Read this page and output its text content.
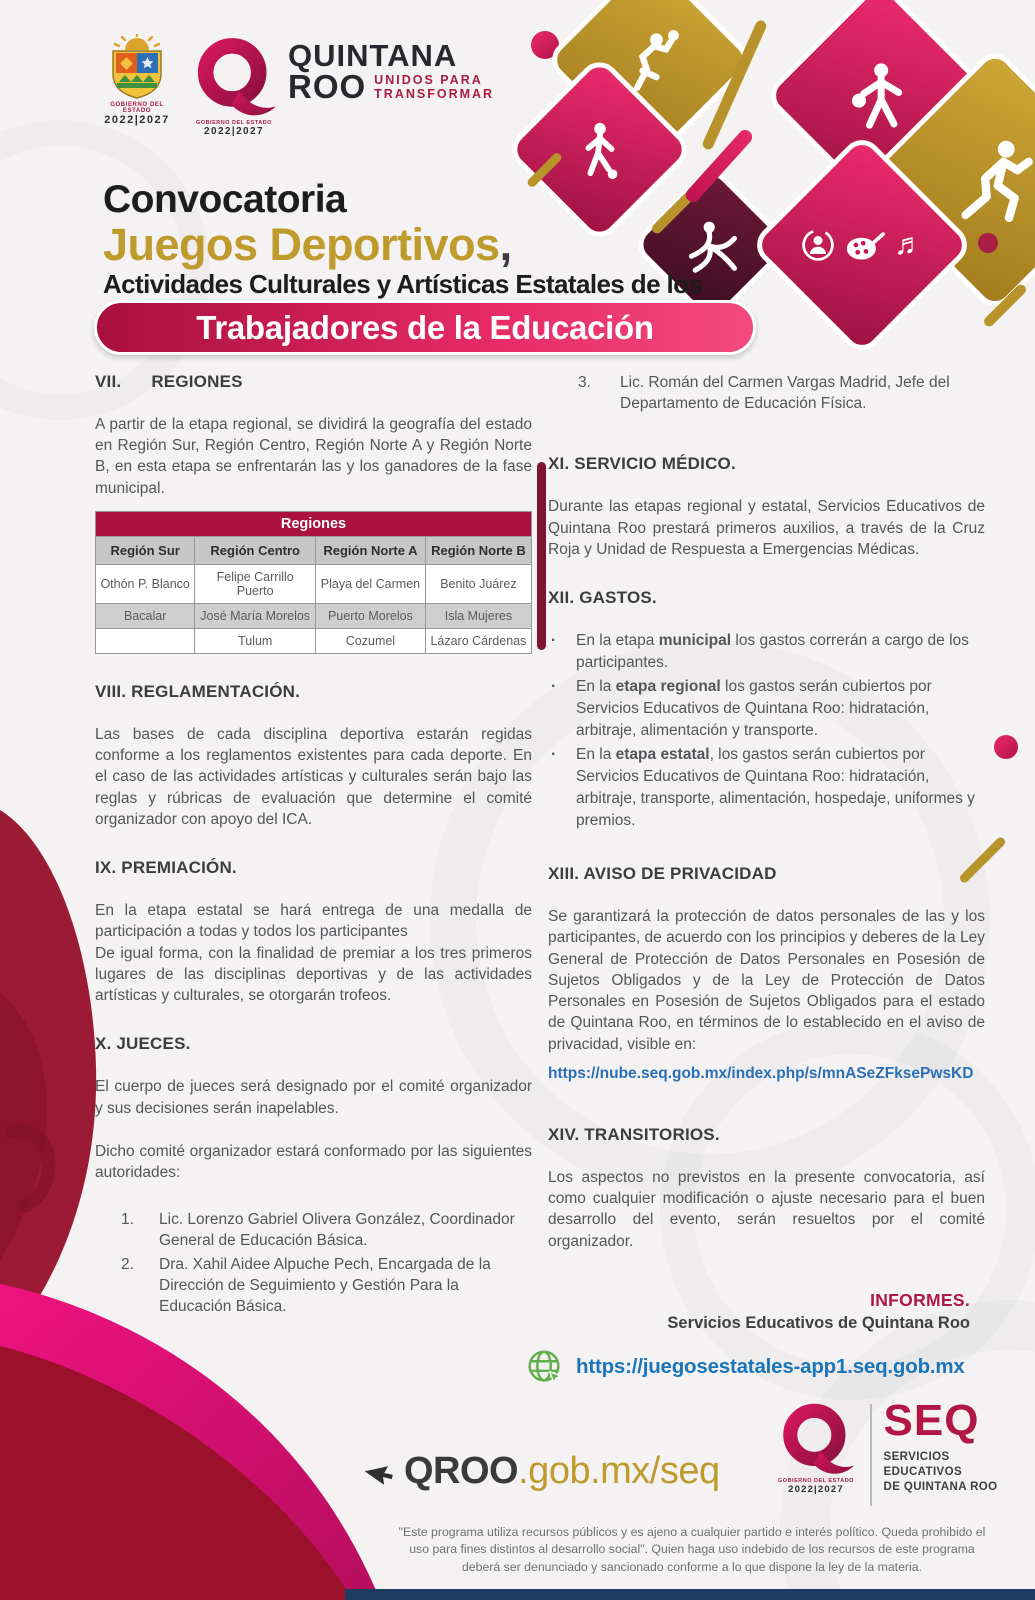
♬
GOBIERNO DEL ESTADO
2022|2027	GOBIERNO DEL ESTADO
2022|2027
QUINTANA
ROO UNIDOS PARA
TRANSFORMAR
Convocatoria
Juegos Deportivos,
Actividades Culturales y Artísticas Estatales de los
Trabajadores de la Educación
VII. REGIONES
A partir de la etapa regional, se dividirá la geografía del estado en Región Sur, Región Centro, Región Norte A y Región Norte B, en esta etapa se enfrentarán las y los ganadores de la fase municipal.
Regiones			
Región Sur	Región Centro	Región Norte A	Región Norte B
Othón P. Blanco	Felipe Carrillo Puerto	Playa del Carmen	Benito Juárez
Bacalar	José María Morelos	Puerto Morelos	Isla Mujeres
	Tulum	Cozumel	Lázaro Cárdenas
VIII. REGLAMENTACIÓN.
Las bases de cada disciplina deportiva estarán regidas conforme a los reglamentos existentes para cada deporte. En el caso de las actividades artísticas y culturales serán bajo las reglas y rúbricas de evaluación que determine el comité organizador con apoyo del ICA.
IX. PREMIACIÓN.
En la etapa estatal se hará entrega de una medalla de participación a todas y todos los participantes
De igual forma, con la finalidad de premiar a los tres primeros lugares de las disciplinas deportivas y de las actividades artísticas y culturales, se otorgarán trofeos.
X. JUECES.
El cuerpo de jueces será designado por el comité organizador y sus decisiones serán inapelables.
Dicho comité organizador estará conformado por las siguientes autoridades:
1.	Lic. Lorenzo Gabriel Olivera González, Coordinador General de Educación Básica.
2.	Dra. Xahil Aidee Alpuche Pech, Encargada de la Dirección de Seguimiento y Gestión Para la Educación Básica.
3.	Lic. Román del Carmen Vargas Madrid, Jefe del Departamento de Educación Física.
XI. SERVICIO MÉDICO.
Durante las etapas regional y estatal, Servicios Educativos de Quintana Roo prestará primeros auxilios, a través de la Cruz Roja y Unidad de Respuesta a Emergencias Médicas.
XII. GASTOS.
·	En la etapa municipal los gastos correrán a cargo de los participantes.
·	En la etapa regional los gastos serán cubiertos por Servicios Educativos de Quintana Roo: hidratación, arbitraje, alimentación y transporte.
·	En la etapa estatal, los gastos serán cubiertos por Servicios Educativos de Quintana Roo: hidratación, arbitraje, transporte, alimentación, hospedaje, uniformes y premios.
XIII. AVISO DE PRIVACIDAD
Se garantizará la protección de datos personales de las y los participantes, de acuerdo con los principios y deberes de la Ley General de Protección de Datos Personales en Posesión de Sujetos Obligados y de la Ley de Protección de Datos Personales en Posesión de Sujetos Obligados para el estado de Quintana Roo, en términos de lo establecido en el aviso de privacidad, visible en:
https://nube.seq.gob.mx/index.php/s/mnASeZFksePwsKD
XIV. TRANSITORIOS.
Los aspectos no previstos en la presente convocatoria, así como cualquier modificación o ajuste necesario para el buen desarrollo del evento, serán resueltos por el comité organizador.
INFORMES.
Servicios Educativos de Quintana Roo
https://juegosestatales-app1.seq.gob.mx
QROO.gob.mx/seq	GOBIERNO DEL ESTADO
2022|2027
SEQ
SERVICIOS
EDUCATIVOS
DE QUINTANA ROO
"Este programa utiliza recursos públicos y es ajeno a cualquier partido e interés político. Queda prohibido el uso para fines distintos al desarrollo social". Quien haga uso indebido de los recursos de este programa deberá ser denunciado y sancionado conforme a lo que dispone la ley de la materia.
